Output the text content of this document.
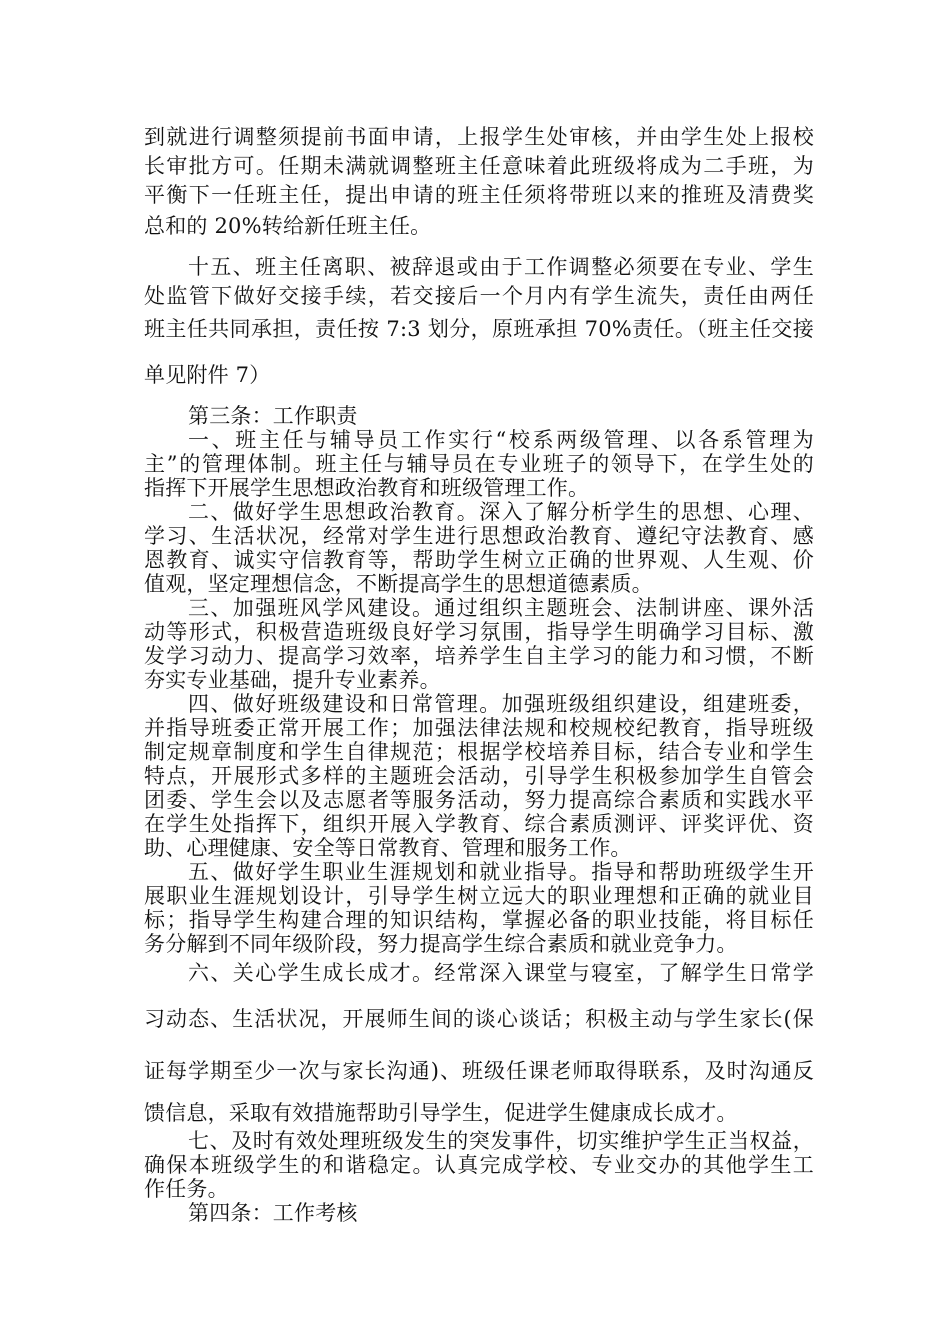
到就进行调整须提前书面申请，上报学生处审核，并由学生处上报校
长审批方可。任期未满就调整班主任意味着此班级将成为二手班，为
平衡下一任班主任，提出申请的班主任须将带班以来的推班及清费奖
总和的 20%转给新任班主任。
十五、班主任离职、被辞退或由于工作调整必须要在专业、学生
处监管下做好交接手续，若交接后一个月内有学生流失，责任由两任
班主任共同承担，责任按 7:3 划分，原班承担 70%责任。（班主任交接
单见附件 7）
第三条：工作职责
一、班主任与辅导员工作实行“校系两级管理、以各系管理为
主”的管理体制。班主任与辅导员在专业班子的领导下，在学生处的
指挥下开展学生思想政治教育和班级管理工作。
二、做好学生思想政治教育。深入了解分析学生的思想、心理、
学习、生活状况，经常对学生进行思想政治教育、遵纪守法教育、感
恩教育、诚实守信教育等，帮助学生树立正确的世界观、人生观、价
值观，坚定理想信念，不断提高学生的思想道德素质。
三、加强班风学风建设。通过组织主题班会、法制讲座、课外活
动等形式，积极营造班级良好学习氛围，指导学生明确学习目标、激
发学习动力、提高学习效率，培养学生自主学习的能力和习惯，不断
夯实专业基础，提升专业素养。
四、做好班级建设和日常管理。加强班级组织建设，组建班委，
并指导班委正常开展工作；加强法律法规和校规校纪教育，指导班级
制定规章制度和学生自律规范；根据学校培养目标，结合专业和学生
特点，开展形式多样的主题班会活动，引导学生积极参加学生自管会
团委、学生会以及志愿者等服务活动，努力提高综合素质和实践水平
在学生处指挥下，组织开展入学教育、综合素质测评、评奖评优、资
助、心理健康、安全等日常教育、管理和服务工作。
五、做好学生职业生涯规划和就业指导。指导和帮助班级学生开
展职业生涯规划设计，引导学生树立远大的职业理想和正确的就业目
标；指导学生构建合理的知识结构，掌握必备的职业技能，将目标任
务分解到不同年级阶段，努力提高学生综合素质和就业竞争力。
六、关心学生成长成才。经常深入课堂与寝室，了解学生日常学
习动态、生活状况，开展师生间的谈心谈话；积极主动与学生家长(保
证每学期至少一次与家长沟通)、班级任课老师取得联系，及时沟通反
馈信息，采取有效措施帮助引导学生，促进学生健康成长成才。
七、及时有效处理班级发生的突发事件，切实维护学生正当权益，
确保本班级学生的和谐稳定。认真完成学校、专业交办的其他学生工
作任务。
第四条：工作考核
